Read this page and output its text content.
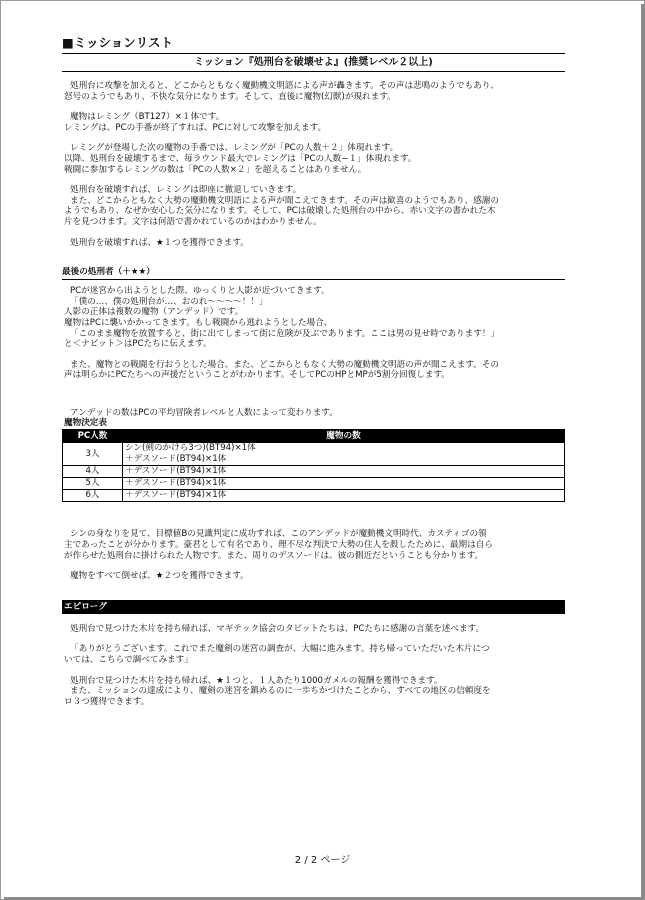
■ミッションリスト
ミッション『処刑台を破壊せよ』(推奨レベル２以上)
処刑台に攻撃を加えると、どこからともなく魔動機文明語による声が轟きます。その声は悲鳴のようでもあり、
怒号のようでもあり、不快な気分になります。そして、直後に魔物(幻獣)が現れます。
魔物はレミング（BT127）×１体です。
レミングは、PCの手番が終了すれば、PCに対して攻撃を加えます。
レミングが登場した次の魔物の手番では、レミングが「PCの人数＋２」体現れます。
以降、処刑台を破壊するまで、毎ラウンド最大でレミングは「PCの人数−１」体現れます。
戦闘に参加するレミングの数は「PCの人数×２」を超えることはありません。
処刑台を破壊すれば、レミングは即座に撤退していきます。
また、どこからともなく大勢の魔動機文明語による声が聞こえてきます。その声は歓喜のようでもあり、感謝の
ようでもあり、なぜか安心した気分になります。そして、PCは破壊した処刑台の中から、赤い文字の書かれた木
片を見つけます。文字は何語で書かれているのかはわかりません。
処刑台を破壊すれば、★１つを獲得できます。
最後の処刑者（＋★★）
PCが迷宮から出ようとした際、ゆっくりと人影が近づいてきます。
「僕の…、僕の処刑台が…、おのれ〜〜〜〜！！」
人影の正体は複数の魔物（アンデッド）です。
魔物はPCに襲いかかってきます。もし戦闘から逃れようとした場合、
「このまま魔物を放置すると、街に出てしまって街に危険が及ぶであります。ここは男の見せ時であります！」
と＜ナビット＞はPCたちに伝えます。
また、魔物との戦闘を行おうとした場合、また、どこからともなく大勢の魔動機文明語の声が聞こえます。その
声は明らかにPCたちへの声援だということがわかります。そしてPCのHPとMPが5割分回復します。
アンデッドの数はPCの平均冒険者レベルと人数によって変わります。
魔物決定表
PC人数	魔物の数
3人	シン(剣のかけら3つ)(BT94)×1体
＋デスソード(BT94)×1体

4人	＋デスソード(BT94)×1体
5人	＋デスソード(BT94)×1体
6人	＋デスソード(BT94)×1体
シンの身なりを見て、目標値Bの見識判定に成功すれば、このアンデッドが魔動機文明時代、カスティゴの領
主であったことが分かります。豪君として有名であり、理不尽な判決で大勢の住人を殺したために、最期は自ら
が作らせた処刑台に掛けられた人物です。また、周りのデスソードは、彼の側近だということも分かります。
魔物をすべて倒せば、★２つを獲得できます。
エピローグ
処刑台で見つけた木片を持ち帰れば、マギテック協会のタビットたちは、PCたちに感謝の言葉を述べます。
「ありがとうございます。これでまた魔剣の迷宮の調査が、大幅に進みます。持ち帰っていただいた木片につ
いては、こちらで調べてみます」
処刑台で見つけた木片を持ち帰れば、★１つと、１人あたり1000ガメルの報酬を獲得できます。
また、ミッションの達成により、魔剣の迷宮を鎮めるのに一歩ちかづけたことから、すべての地区の信頼度を
ロ３つ獲得できます。
2 / 2 ページ
